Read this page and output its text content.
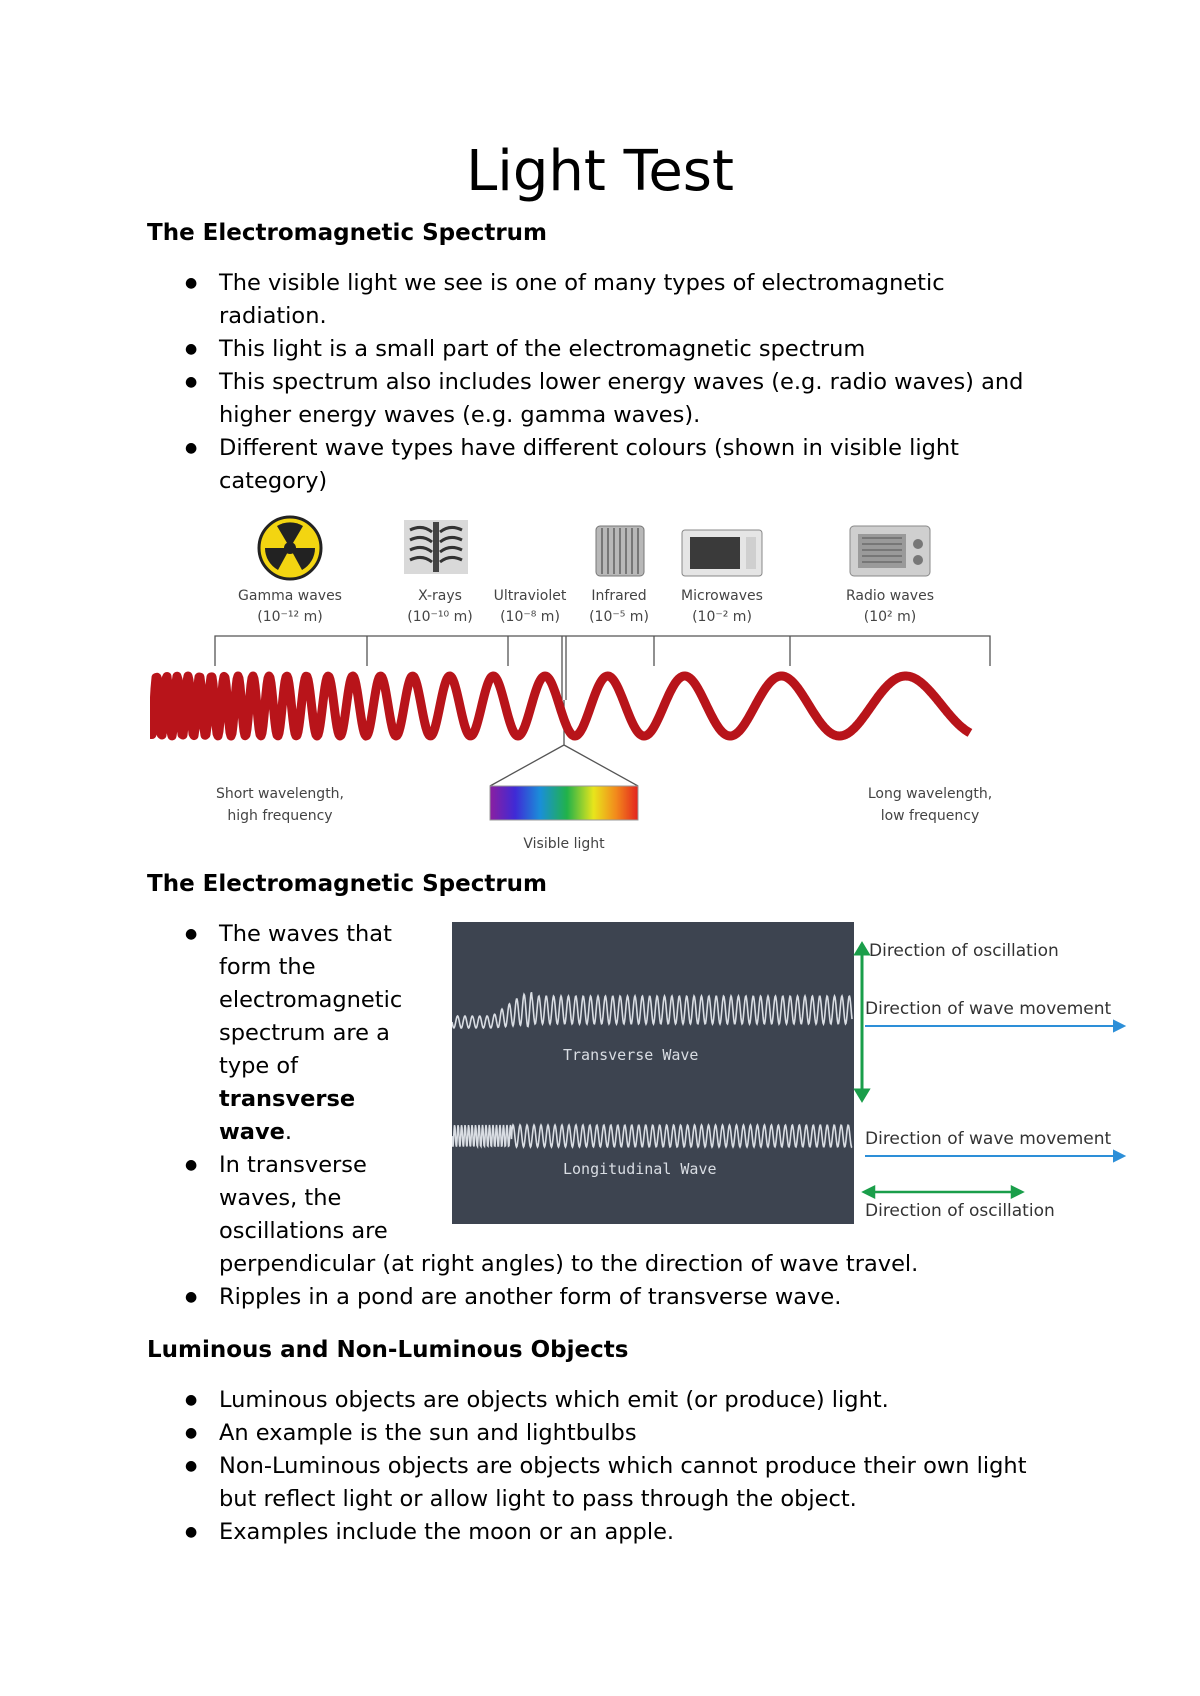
Light Test
The Electromagnetic Spectrum
● The visible light we see is one of many types of electromagnetic radiation.
● This light is a small part of the electromagnetic spectrum
● This spectrum also includes lower energy waves (e.g. radio waves) and higher energy waves (e.g. gamma waves).
● Different wave types have different colours (shown in visible light category)
Gamma waves
(10⁻¹² m)
X-rays
(10⁻¹⁰ m)
Ultraviolet
(10⁻⁸ m)
Infrared
(10⁻⁵ m)
Microwaves
(10⁻² m)
Radio waves
(10² m)
Short wavelength,
high frequency
Long wavelength,
low frequency
Visible light
The Electromagnetic Spectrum
● The waves that
form the
electromagnetic
spectrum are a
type of
transverse
wave.
● In transverse
waves, the
oscillations are
perpendicular (at right angles) to the direction of wave travel.
● Ripples in a pond are another form of transverse wave.
Transverse Wave
Longitudinal Wave
Direction of oscillation
Direction of wave movement
Direction of wave movement
Direction of oscillation
Luminous and Non-Luminous Objects
● Luminous objects are objects which emit (or produce) light.
● An example is the sun and lightbulbs
● Non-Luminous objects are objects which cannot produce their own light but reflect light or allow light to pass through the object.
● Examples include the moon or an apple.
